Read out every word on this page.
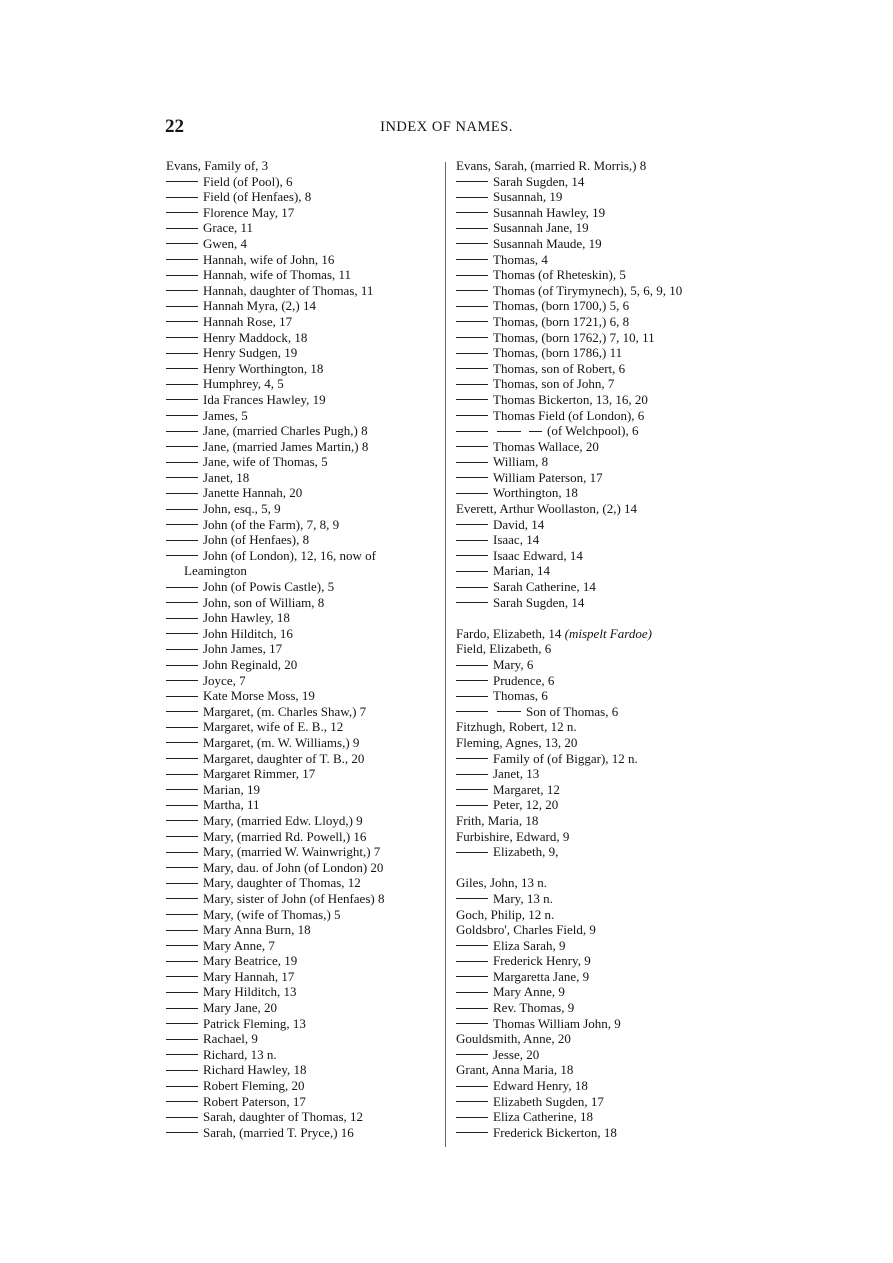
22	INDEX OF NAMES.
Evans, Family of, 3
Field (of Pool), 6
Field (of Henfaes), 8
Florence May, 17
Grace, 11
Gwen, 4
Hannah, wife of John, 16
Hannah, wife of Thomas, 11
Hannah, daughter of Thomas, 11
Hannah Myra, (2,) 14
Hannah Rose, 17
Henry Maddock, 18
Henry Sudgen, 19
Henry Worthington, 18
Humphrey, 4, 5
Ida Frances Hawley, 19
James, 5
Jane, (married Charles Pugh,) 8
Jane, (married James Martin,) 8
Jane, wife of Thomas, 5
Janet, 18
Janette Hannah, 20
John, esq., 5, 9
John (of the Farm), 7, 8, 9
John (of Henfaes), 8
John (of London), 12, 16, now of Leamington
John (of Powis Castle), 5
John, son of William, 8
John Hawley, 18
John Hilditch, 16
John James, 17
John Reginald, 20
Joyce, 7
Kate Morse Moss, 19
Margaret, (m. Charles Shaw,) 7
Margaret, wife of E. B., 12
Margaret, (m. W. Williams,) 9
Margaret, daughter of T. B., 20
Margaret Rimmer, 17
Marian, 19
Martha, 11
Mary, (married Edw. Lloyd,) 9
Mary, (married Rd. Powell,) 16
Mary, (married W. Wainwright,) 7
Mary, dau. of John (of London) 20
Mary, daughter of Thomas, 12
Mary, sister of John (of Henfaes) 8
Mary, (wife of Thomas,) 5
Mary Anna Burn, 18
Mary Anne, 7
Mary Beatrice, 19
Mary Hannah, 17
Mary Hilditch, 13
Mary Jane, 20
Patrick Fleming, 13
Rachael, 9
Richard, 13 n.
Richard Hawley, 18
Robert Fleming, 20
Robert Paterson, 17
Sarah, daughter of Thomas, 12
Sarah, (married T. Pryce,) 16
Evans, Sarah, (married R. Morris,) 8
Sarah Sugden, 14
Susannah, 19
Susannah Hawley, 19
Susannah Jane, 19
Susannah Maude, 19
Thomas, 4
Thomas (of Rheteskin), 5
Thomas (of Tirymynech), 5, 6, 9, 10
Thomas, (born 1700,) 5, 6
Thomas, (born 1721,) 6, 8
Thomas, (born 1762,) 7, 10, 11
Thomas, (born 1786,) 11
Thomas, son of Robert, 6
Thomas, son of John, 7
Thomas Bickerton, 13, 16, 20
Thomas Field (of London), 6
(of Welchpool), 6
Thomas Wallace, 20
William, 8
William Paterson, 17
Worthington, 18
Everett, Arthur Woollaston, (2,) 14
David, 14
Isaac, 14
Isaac Edward, 14
Marian, 14
Sarah Catherine, 14
Sarah Sugden, 14
Fardo, Elizabeth, 14 (mispelt Fardoe)
Field, Elizabeth, 6
Mary, 6
Prudence, 6
Thomas, 6
Son of Thomas, 6
Fitzhugh, Robert, 12 n.
Fleming, Agnes, 13, 20
Family of (of Biggar), 12 n.
Janet, 13
Margaret, 12
Peter, 12, 20
Frith, Maria, 18
Furbishire, Edward, 9
Elizabeth, 9,
Giles, John, 13 n.
Mary, 13 n.
Goch, Philip, 12 n.
Goldsbro', Charles Field, 9
Eliza Sarah, 9
Frederick Henry, 9
Margaretta Jane, 9
Mary Anne, 9
Rev. Thomas, 9
Thomas William John, 9
Gouldsmith, Anne, 20
Jesse, 20
Grant, Anna Maria, 18
Edward Henry, 18
Elizabeth Sugden, 17
Eliza Catherine, 18
Frederick Bickerton, 18
